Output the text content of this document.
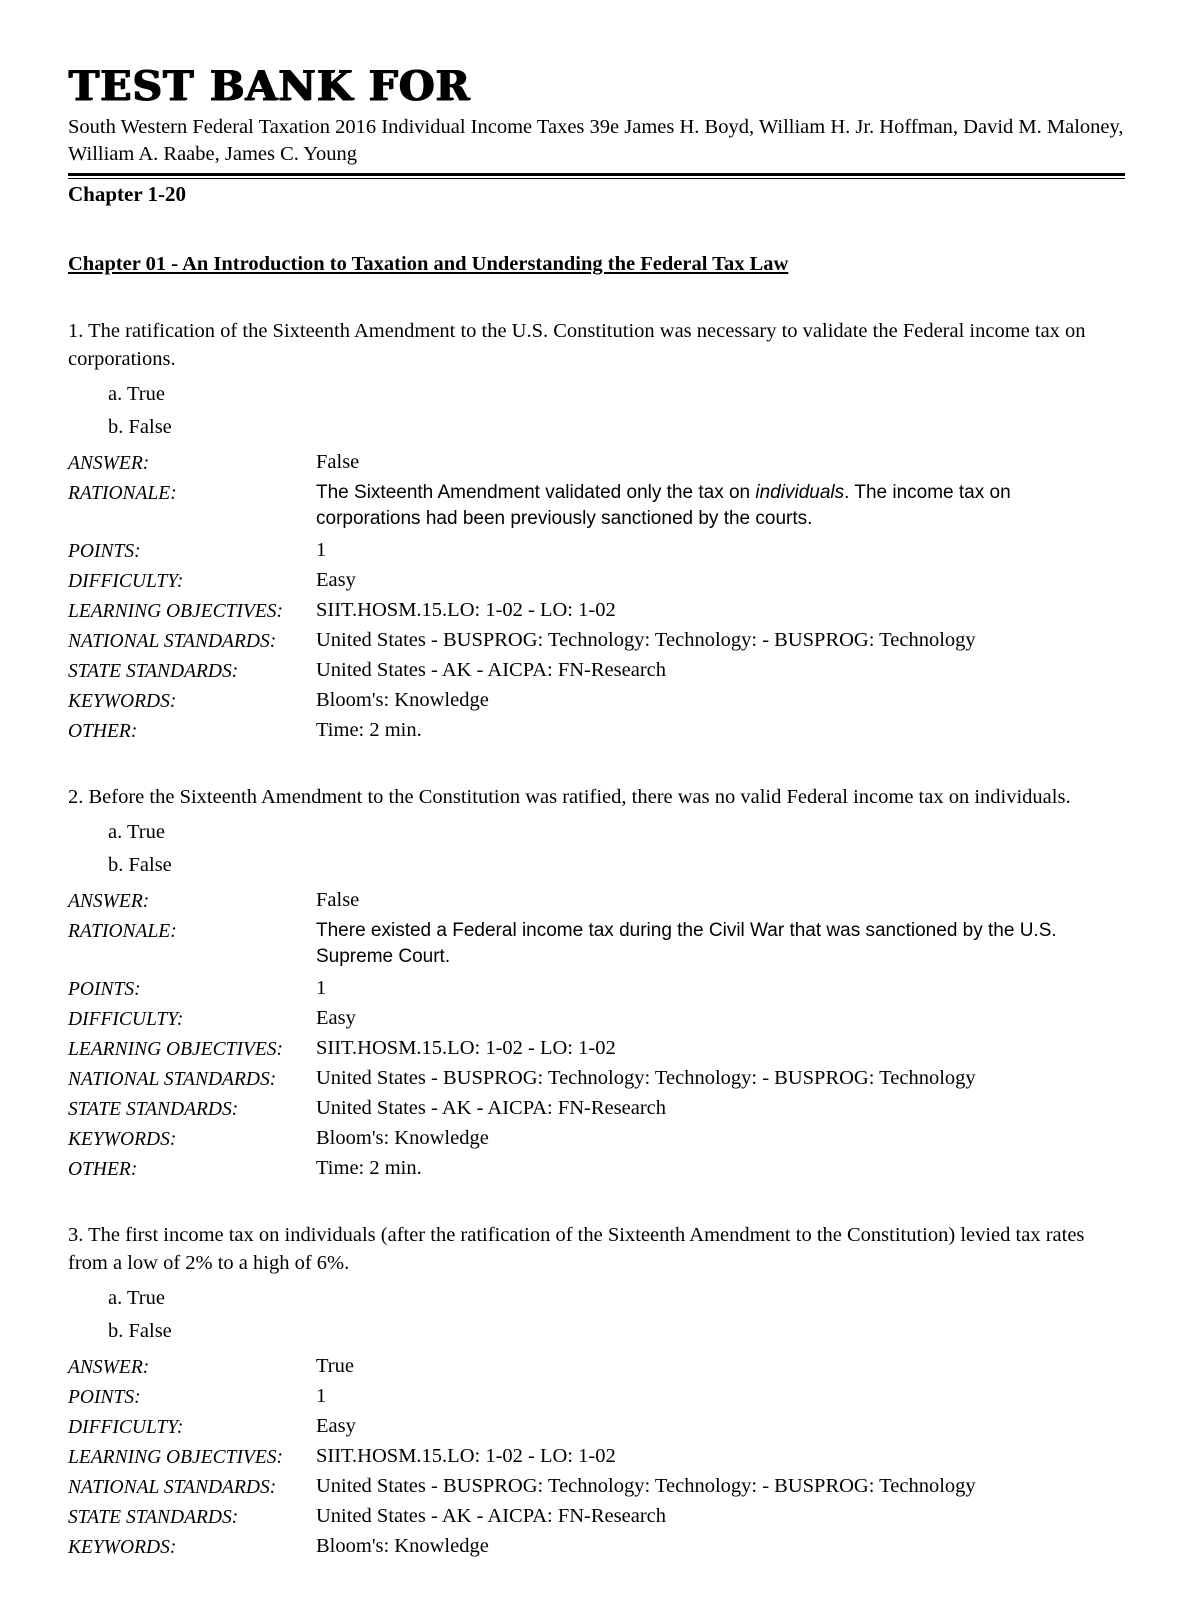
TEST BANK FOR

South Western Federal Taxation 2016 Individual Income Taxes 39e James H. Boyd, William H. Jr. Hoffman, David M. Maloney, William A. Raabe, James C. Young

Chapter 1-20
Chapter 01 - An Introduction to Taxation and Understanding the Federal Tax Law

1. The ratification of the Sixteenth Amendment to the U.S. Constitution was necessary to validate the Federal income tax on corporations.

a. True
b. False
ANSWER:	False
RATIONALE:	The Sixteenth Amendment validated only the tax on individuals. The income tax on corporations had been previously sanctioned by the courts.
POINTS:	1
DIFFICULTY:	Easy
LEARNING OBJECTIVES:	SIIT.HOSM.15.LO: 1-02 - LO: 1-02
NATIONAL STANDARDS:	United States - BUSPROG: Technology: Technology: - BUSPROG: Technology
STATE STANDARDS:	United States - AK - AICPA: FN-Research
KEYWORDS:	Bloom's: Knowledge
OTHER:	Time: 2 min.

2. Before the Sixteenth Amendment to the Constitution was ratified, there was no valid Federal income tax on individuals.

a. True
b. False
ANSWER:	False
RATIONALE:	There existed a Federal income tax during the Civil War that was sanctioned by the U.S. Supreme Court.
POINTS:	1
DIFFICULTY:	Easy
LEARNING OBJECTIVES:	SIIT.HOSM.15.LO: 1-02 - LO: 1-02
NATIONAL STANDARDS:	United States - BUSPROG: Technology: Technology: - BUSPROG: Technology
STATE STANDARDS:	United States - AK - AICPA: FN-Research
KEYWORDS:	Bloom's: Knowledge
OTHER:	Time: 2 min.

3. The first income tax on individuals (after the ratification of the Sixteenth Amendment to the Constitution) levied tax rates from a low of 2% to a high of 6%.

a. True
b. False
ANSWER:	True
POINTS:	1
DIFFICULTY:	Easy
LEARNING OBJECTIVES:	SIIT.HOSM.15.LO: 1-02 - LO: 1-02
NATIONAL STANDARDS:	United States - BUSPROG: Technology: Technology: - BUSPROG: Technology
STATE STANDARDS:	United States - AK - AICPA: FN-Research
KEYWORDS:	Bloom's: Knowledge
